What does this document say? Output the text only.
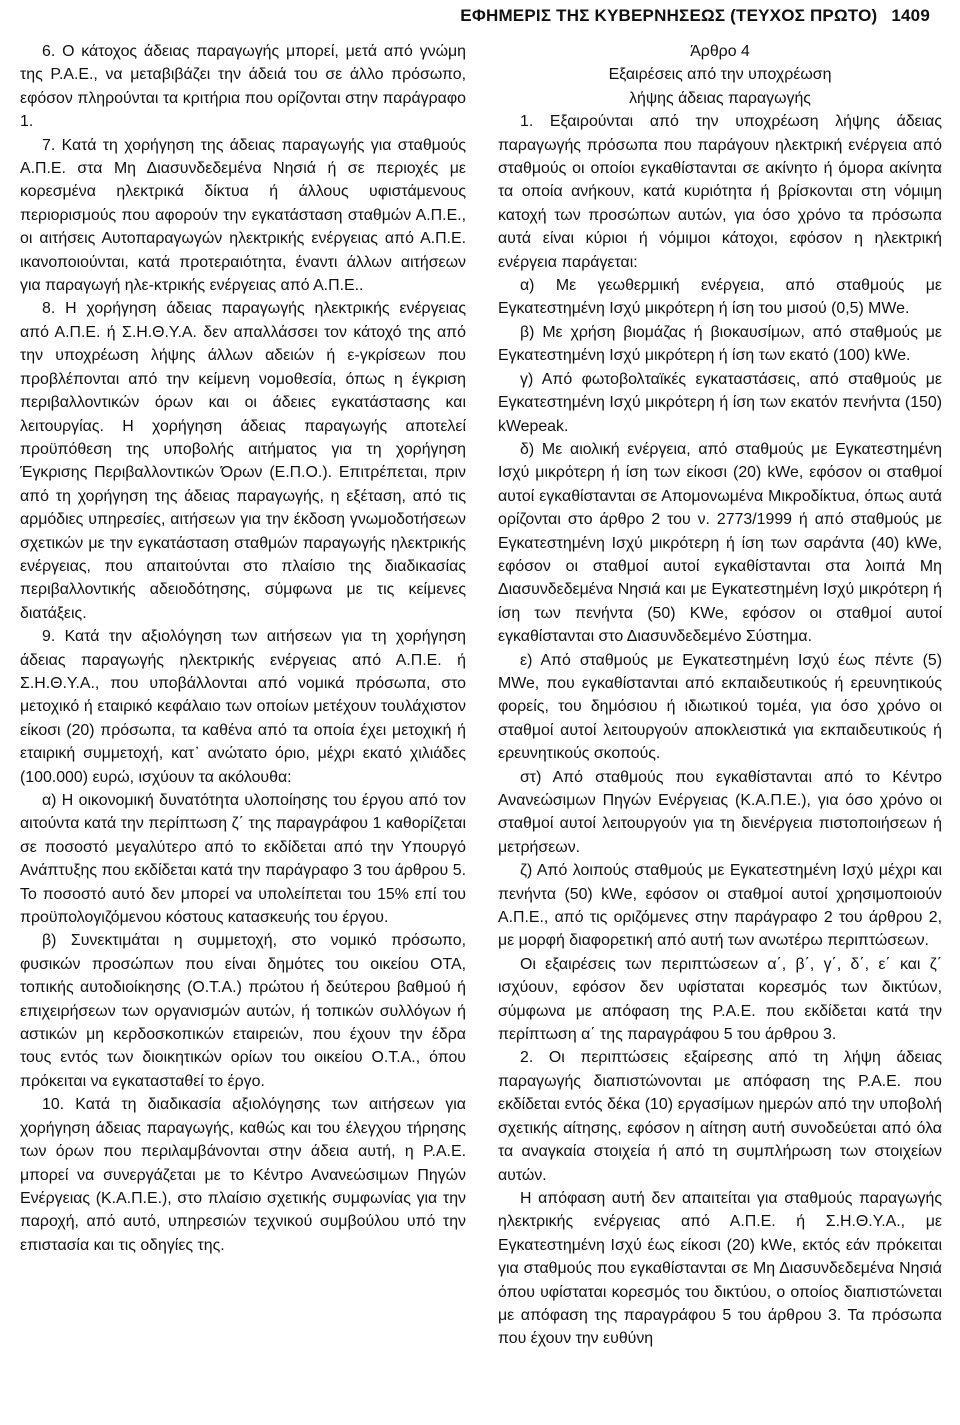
ΕΦΗΜΕΡΙΣ ΤΗΣ ΚΥΒΕΡΝΗΣΕΩΣ (ΤΕΥΧΟΣ ΠΡΩΤΟ) 1409

6. Ο κάτοχος άδειας παραγωγής μπορεί, μετά από γνώμη της Ρ.Α.Ε., να μεταβιβάζει την άδειά του σε άλλο πρόσωπο, εφόσον πληρούνται τα κριτήρια που ορίζονται στην παράγραφο 1.

7. Κατά τη χορήγηση της άδειας παραγωγής για σταθμούς Α.Π.Ε. στα Μη Διασυνδεδεμένα Νησιά ή σε περιοχές με κορεσμένα ηλεκτρικά δίκτυα ή άλλους υφιστάμενους περιορισμούς που αφορούν την εγκατάσταση σταθμών Α.Π.Ε., οι αιτήσεις Αυτοπαραγωγών ηλεκτρικής ενέργειας από Α.Π.Ε. ικανοποιούνται, κατά προτεραιότητα, έναντι άλλων αιτήσεων για παραγωγή ηλε-κτρικής ενέργειας από Α.Π.Ε..

8. Η χορήγηση άδειας παραγωγής ηλεκτρικής ενέργειας από Α.Π.Ε. ή Σ.Η.Θ.Υ.Α. δεν απαλλάσσει τον κάτοχό της από την υποχρέωση λήψης άλλων αδειών ή ε-γκρίσεων που προβλέπονται από την κείμενη νομοθεσία, όπως η έγκριση περιβαλλοντικών όρων και οι άδειες εγκατάστασης και λειτουργίας. Η χορήγηση άδειας παραγωγής αποτελεί προϋπόθεση της υποβολής αιτήματος για τη χορήγηση Έγκρισης Περιβαλλοντικών Όρων (Ε.Π.Ο.). Επιτρέπεται, πριν από τη χορήγηση της άδειας παραγωγής, η εξέταση, από τις αρμόδιες υπηρεσίες, αιτήσεων για την έκδοση γνωμοδοτήσεων σχετικών με την εγκατάσταση σταθμών παραγωγής ηλεκτρικής ενέργειας, που απαιτούνται στο πλαίσιο της διαδικασίας περιβαλλοντικής αδειοδότησης, σύμφωνα με τις κείμενες διατάξεις.

9. Κατά την αξιολόγηση των αιτήσεων για τη χορήγηση άδειας παραγωγής ηλεκτρικής ενέργειας από Α.Π.Ε. ή Σ.Η.Θ.Υ.Α., που υποβάλλονται από νομικά πρόσωπα, στο μετοχικό ή εταιρικό κεφάλαιο των οποίων μετέχουν τουλάχιστον είκοσι (20) πρόσωπα, τα καθένα από τα οποία έχει μετοχική ή εταιρική συμμετοχή, κατ᾽ ανώτατο όριο, μέχρι εκατό χιλιάδες (100.000) ευρώ, ισχύουν τα ακόλουθα:

α) Η οικονομική δυνατότητα υλοποίησης του έργου από τον αιτούντα κατά την περίπτωση ζ΄ της παραγράφου 1 καθορίζεται σε ποσοστό μεγαλύτερο από το εκδίδεται από την Υπουργό Ανάπτυξης που εκδίδεται κατά την παράγραφο 3 του άρθρου 5. Το ποσοστό αυτό δεν μπορεί να υπολείπεται του 15% επί του προϋπολογιζόμενου κόστους κατασκευής του έργου.

β) Συνεκτιμάται η συμμετοχή, στο νομικό πρόσωπο, φυσικών προσώπων που είναι δημότες του οικείου ΟΤΑ, τοπικής αυτοδιοίκησης (Ο.Τ.Α.) πρώτου ή δεύτερου βαθμού ή επιχειρήσεων των οργανισμών αυτών, ή τοπικών συλλόγων ή αστικών μη κερδοσκοπικών εταιρειών, που έχουν την έδρα τους εντός των διοικητικών ορίων του οικείου Ο.Τ.Α., όπου πρόκειται να εγκατασταθεί το έργο.

10. Κατά τη διαδικασία αξιολόγησης των αιτήσεων για χορήγηση άδειας παραγωγής, καθώς και του έλεγχου τήρησης των όρων που περιλαμβάνονται στην άδεια αυτή, η Ρ.Α.Ε. μπορεί να συνεργάζεται με το Κέντρο Ανανεώσιμων Πηγών Ενέργειας (Κ.Α.Π.Ε.), στο πλαίσιο σχετικής συμφωνίας για την παροχή, από αυτό, υπηρεσιών τεχνικού συμβούλου υπό την επιστασία και τις οδηγίες της.

Άρθρο 4

Εξαιρέσεις από την υποχρέωση

λήψης άδειας παραγωγής

1. Εξαιρούνται από την υποχρέωση λήψης άδειας παραγωγής πρόσωπα που παράγουν ηλεκτρική ενέργεια από σταθμούς οι οποίοι εγκαθίστανται σε ακίνητο ή όμορα ακίνητα τα οποία ανήκουν, κατά κυριότητα ή βρίσκονται στη νόμιμη κατοχή των προσώπων αυτών, για όσο χρόνο τα πρόσωπα αυτά είναι κύριοι ή νόμιμοι κάτοχοι, εφόσον η ηλεκτρική ενέργεια παράγεται:

α) Με γεωθερμική ενέργεια, από σταθμούς με Εγκατεστημένη Ισχύ μικρότερη ή ίση του μισού (0,5) MWe.

β) Με χρήση βιομάζας ή βιοκαυσίμων, από σταθμούς με Εγκατεστημένη Ισχύ μικρότερη ή ίση των εκατό (100) kWe.

γ) Από φωτοβολταϊκές εγκαταστάσεις, από σταθμούς με Εγκατεστημένη Ισχύ μικρότερη ή ίση των εκατόν πενήντα (150) kWepeak.

δ) Με αιολική ενέργεια, από σταθμούς με Εγκατεστημένη Ισχύ μικρότερη ή ίση των είκοσι (20) kWe, εφόσον οι σταθμοί αυτοί εγκαθίστανται σε Απομονωμένα Μικροδίκτυα, όπως αυτά ορίζονται στο άρθρο 2 του ν. 2773/1999 ή από σταθμούς με Εγκατεστημένη Ισχύ μικρότερη ή ίση των σαράντα (40) kWe, εφόσον οι σταθμοί αυτοί εγκαθίστανται στα λοιπά Μη Διασυνδεδεμένα Νησιά και με Εγκατεστημένη Ισχύ μικρότερη ή ίση των πενήντα (50) KWe, εφόσον οι σταθμοί αυτοί εγκαθίστανται στο Διασυνδεδεμένο Σύστημα.

ε) Από σταθμούς με Εγκατεστημένη Ισχύ έως πέντε (5) MWe, που εγκαθίστανται από εκπαιδευτικούς ή ερευνητικούς φορείς, του δημόσιου ή ιδιωτικού τομέα, για όσο χρόνο οι σταθμοί αυτοί λειτουργούν αποκλειστικά για εκπαιδευτικούς ή ερευνητικούς σκοπούς.

στ) Από σταθμούς που εγκαθίστανται από το Κέντρο Ανανεώσιμων Πηγών Ενέργειας (Κ.Α.Π.Ε.), για όσο χρόνο οι σταθμοί αυτοί λειτουργούν για τη διενέργεια πιστοποιήσεων ή μετρήσεων.

ζ) Από λοιπούς σταθμούς με Εγκατεστημένη Ισχύ μέχρι και πενήντα (50) kWe, εφόσον οι σταθμοί αυτοί χρησιμοποιούν Α.Π.Ε., από τις οριζόμενες στην παράγραφο 2 του άρθρου 2, με μορφή διαφορετική από αυτή των ανωτέρω περιπτώσεων.

Οι εξαιρέσεις των περιπτώσεων α΄, β΄, γ΄, δ΄, ε΄ και ζ΄ ισχύουν, εφόσον δεν υφίσταται κορεσμός των δικτύων, σύμφωνα με απόφαση της Ρ.Α.Ε. που εκδίδεται κατά την περίπτωση α΄ της παραγράφου 5 του άρθρου 3.

2. Οι περιπτώσεις εξαίρεσης από τη λήψη άδειας παραγωγής διαπιστώνονται με απόφαση της Ρ.Α.Ε. που εκδίδεται εντός δέκα (10) εργασίμων ημερών από την υποβολή σχετικής αίτησης, εφόσον η αίτηση αυτή συνοδεύεται από όλα τα αναγκαία στοιχεία ή από τη συμπλήρωση των στοιχείων αυτών.

Η απόφαση αυτή δεν απαιτείται για σταθμούς παραγωγής ηλεκτρικής ενέργειας από Α.Π.Ε. ή Σ.Η.Θ.Υ.Α., με Εγκατεστημένη Ισχύ έως είκοσι (20) kWe, εκτός εάν πρόκειται για σταθμούς που εγκαθίστανται σε Μη Διασυνδεδεμένα Νησιά όπου υφίσταται κορεσμός του δικτύου, ο οποίος διαπιστώνεται με απόφαση της παραγράφου 5 του άρθρου 3. Τα πρόσωπα που έχουν την ευθύνη
